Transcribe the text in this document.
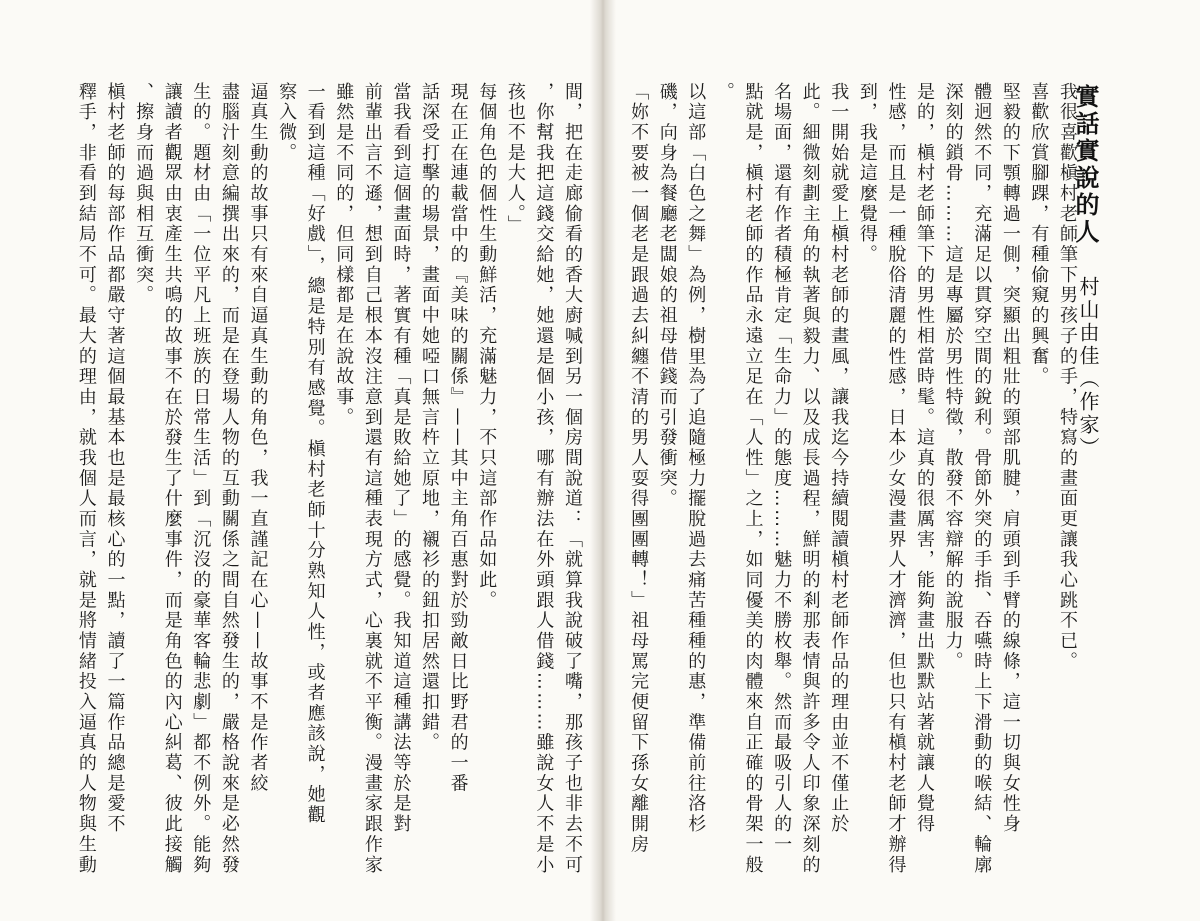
實話實說的人
村山由佳（作家）
我很喜歡槇村老師筆下男孩子的手，特寫的畫面更讓我心跳不已。
喜歡欣賞腳踝，有種偷窺的興奮。
堅毅的下顎轉過一側，突顯出粗壯的頸部肌腱，肩頭到手臂的線條，這一切與女性身
體迥然不同，充滿足以貫穿空間的銳利。骨節外突的手指、吞嚥時上下滑動的喉結、輪廓
深刻的鎖骨………這是專屬於男性特徵，散發不容辯解的說服力。
是的，槇村老師筆下的男性相當時髦。這真的很厲害，能夠畫出默默站著就讓人覺得
性感，而且是一種脫俗清麗的性感，日本少女漫畫界人才濟濟，但也只有槇村老師才辦得
到，我是這麼覺得。
我一開始就愛上槇村老師的畫風，讓我迄今持續閱讀槇村老師作品的理由並不僅止於
此。細微刻劃主角的執著與毅力、以及成長過程，鮮明的剎那表情與許多令人印象深刻的
名場面，還有作者積極肯定「生命力」的態度………魅力不勝枚舉。然而最吸引人的一
點就是，槇村老師的作品永遠立足在「人性」之上，如同優美的肉體來自正確的骨架一般
。
以這部「白色之舞」為例，樹里為了追隨極力擺脫過去痛苦種種的惠，準備前往洛杉
磯，向身為餐廳老闆娘的祖母借錢而引發衝突。
「妳不要被一個老是跟過去糾纏不清的男人耍得團團轉！」祖母罵完便留下孫女離開房
間，把在走廊偷看的香大廚喊到另一個房間說道：「就算我說破了嘴，那孩子也非去不可
，你幫我把這錢交給她，她還是個小孩，哪有辦法在外頭跟人借錢………雖說女人不是小
孩也不是大人。」
每個角色的個性生動鮮活，充滿魅力，不只這部作品如此。
現在正在連載當中的『美味的關係』——其中主角百惠對於勁敵日比野君的一番
話深受打擊的場景，畫面中她啞口無言杵立原地，襯衫的鈕扣居然還扣錯。
當我看到這個畫面時，著實有種「真是敗給她了」的感覺。我知道這種講法等於是對
前輩出言不遜，想到自己根本沒注意到還有這種表現方式，心裏就不平衡。漫畫家跟作家
雖然是不同的，但同樣都是在說故事。
一看到這種「好戲」，總是特別有感覺。槇村老師十分熟知人性，或者應該說，她觀
察入微。
逼真生動的故事只有來自逼真生動的角色，我一直謹記在心——故事不是作者絞
盡腦汁刻意編撰出來的，而是在登場人物的互動關係之間自然發生的，嚴格說來是必然發
生的。題材由「一位平凡上班族的日常生活」到「沉沒的豪華客輪悲劇」都不例外。能夠
讓讀者觀眾由衷產生共鳴的故事不在於發生了什麼事件，而是角色的內心糾葛、彼此接觸
、擦身而過與相互衝突。
槇村老師的每部作品都嚴守著這個最基本也是最核心的一點，讀了一篇作品總是愛不
釋手，非看到結局不可。最大的理由，就我個人而言，就是將情緒投入逼真的人物與生動
